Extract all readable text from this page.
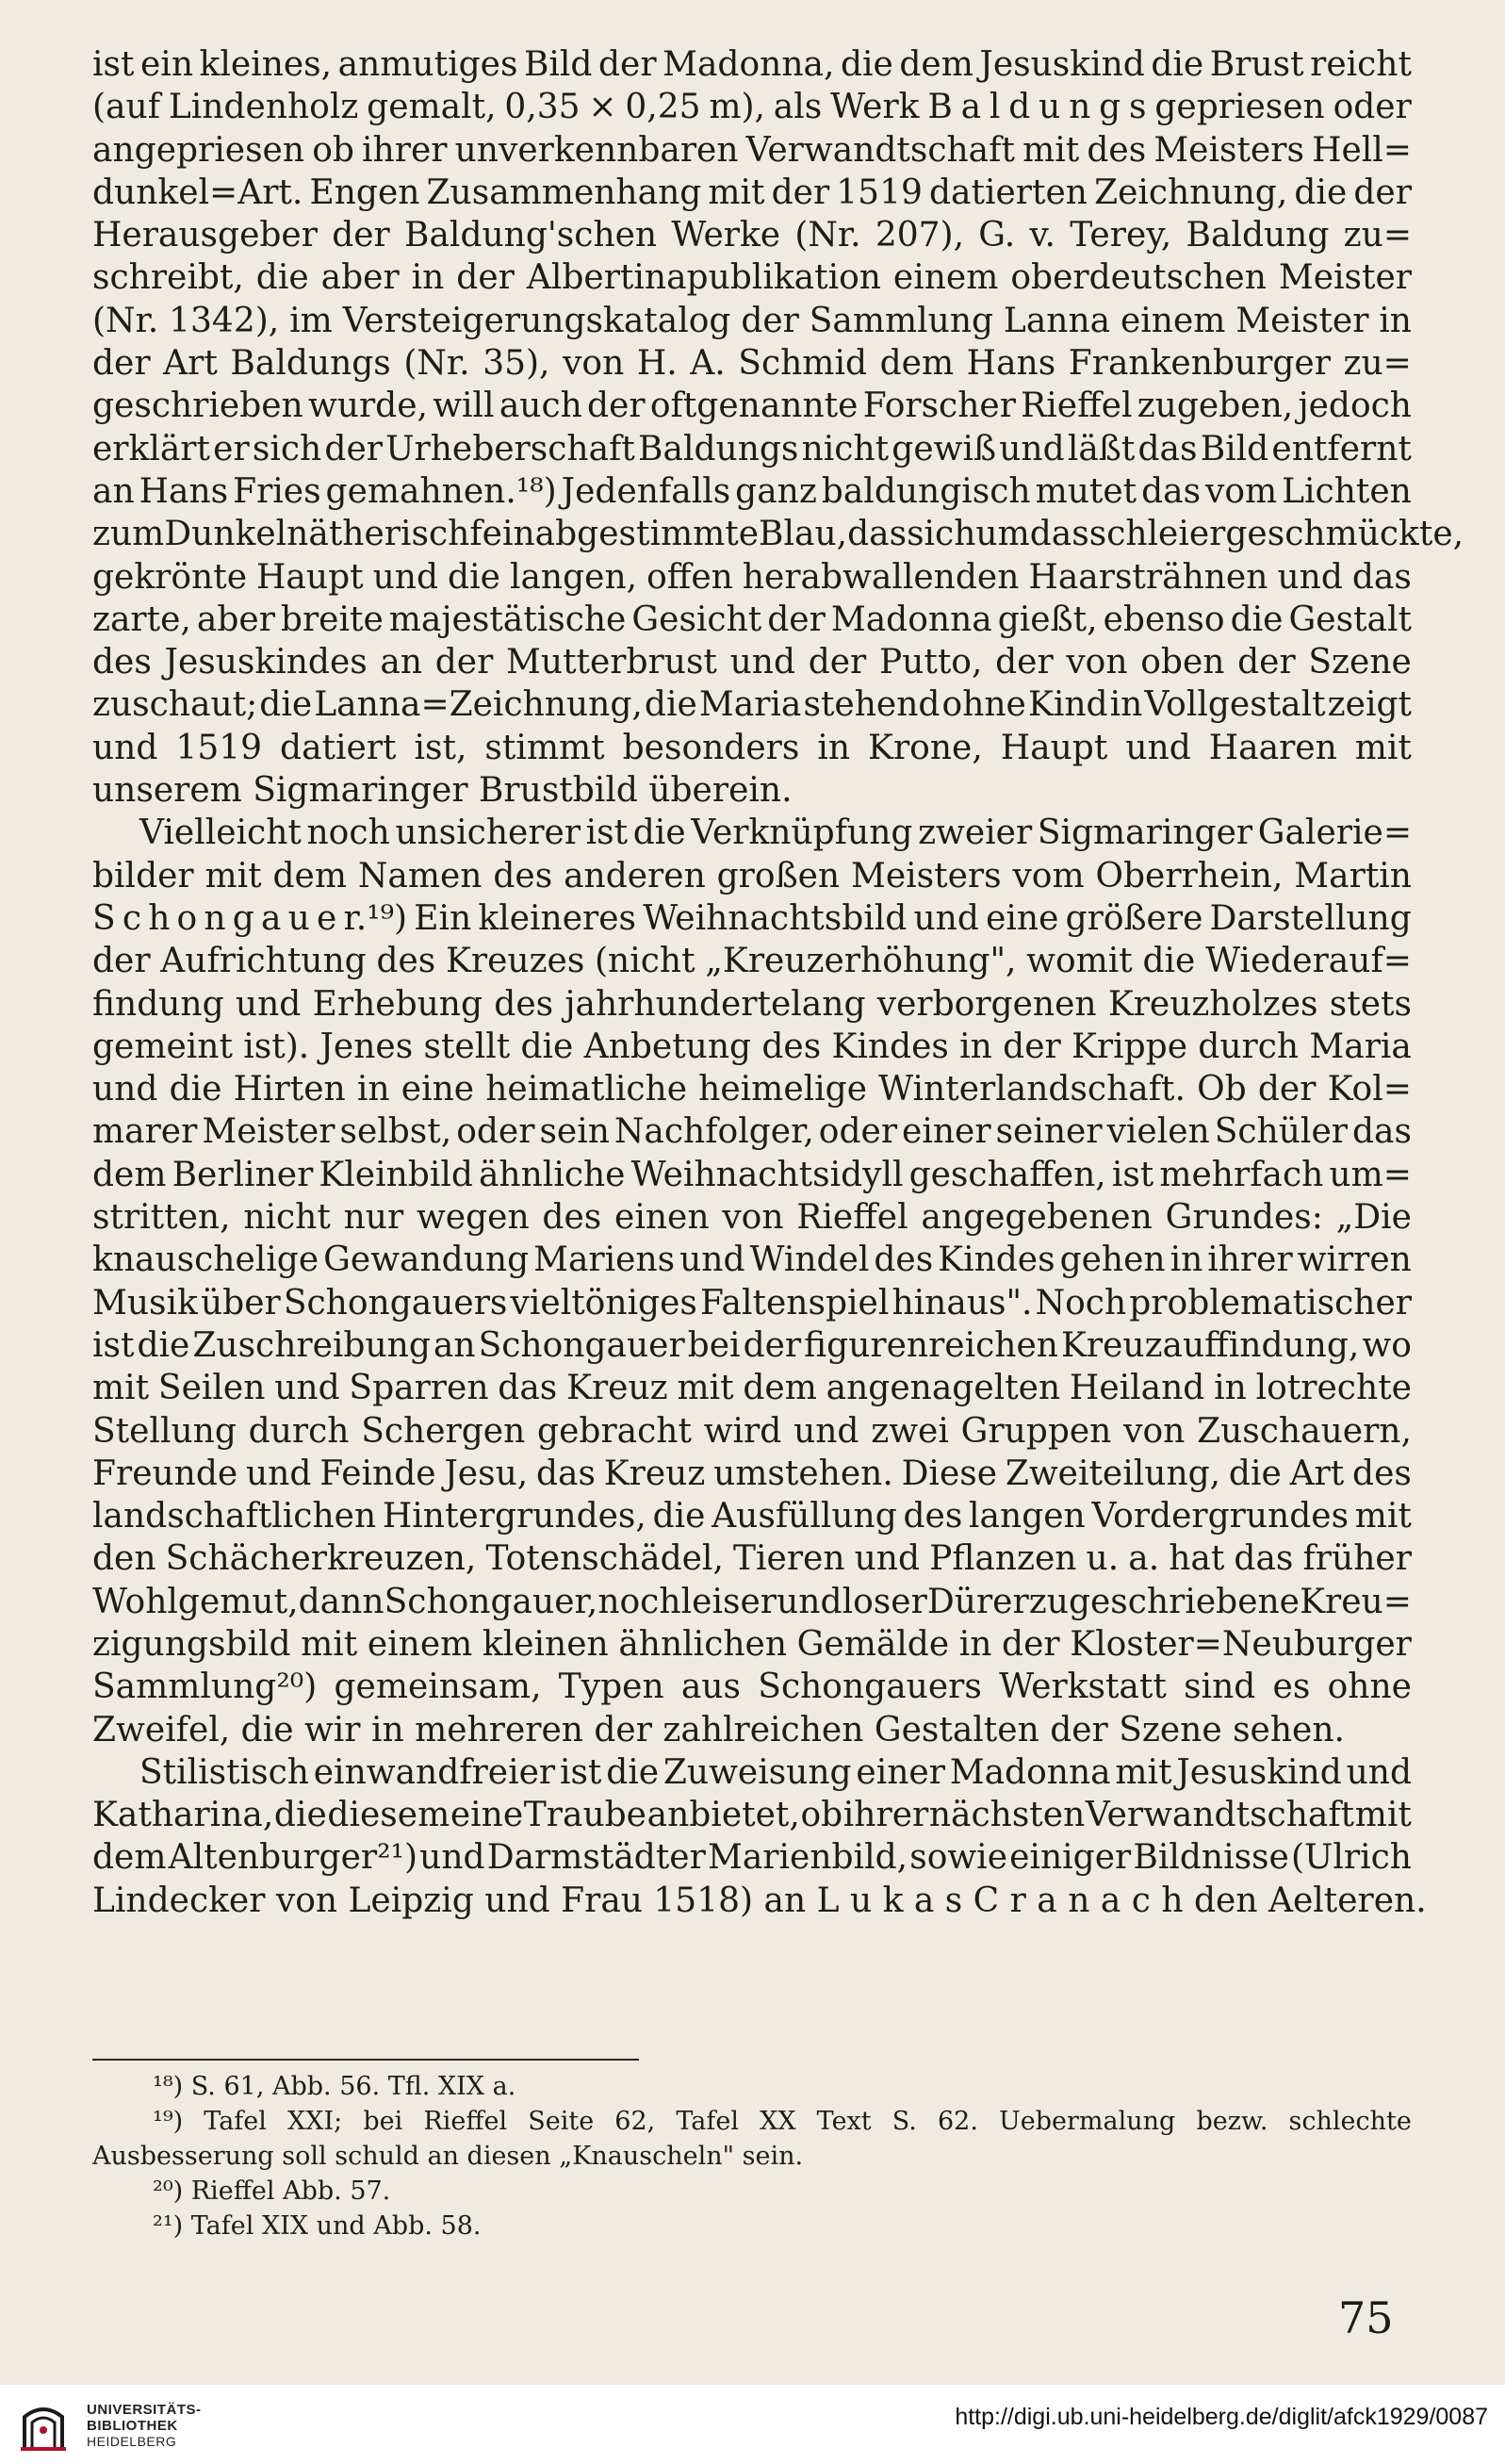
ist ein kleines, anmutiges Bild der Madonna, die dem Jesuskind die Brust reicht
(auf Lindenholz gemalt, 0,35 × 0,25 m), als Werk B a l d u n g s gepriesen oder
angepriesen ob ihrer unverkennbaren Verwandtschaft mit des Meisters Hell=
dunkel=Art. Engen Zusammenhang mit der 1519 datierten Zeichnung, die der
Herausgeber der Baldung'schen Werke (Nr. 207), G. v. Terey, Baldung zu=
schreibt, die aber in der Albertinapublikation einem oberdeutschen Meister
(Nr. 1342), im Versteigerungskatalog der Sammlung Lanna einem Meister in
der Art Baldungs (Nr. 35), von H. A. Schmid dem Hans Frankenburger zu=
geschrieben wurde, will auch der oftgenannte Forscher Rieffel zugeben, jedoch
erklärt er sich der Urheberschaft Baldungs nicht gewiß und läßt das Bild entfernt
an Hans Fries gemahnen.¹⁸) Jedenfalls ganz baldungisch mutet das vom Lichten
zum Dunkeln ätherisch fein abgestimmte Blau, das sich um das schleiergeschmückte,
gekrönte Haupt und die langen, offen herabwallenden Haarsträhnen und das
zarte, aber breite majestätische Gesicht der Madonna gießt, ebenso die Gestalt
des Jesuskindes an der Mutterbrust und der Putto, der von oben der Szene
zuschaut; die Lanna=Zeichnung, die Maria stehend ohne Kind in Vollgestalt zeigt
und 1519 datiert ist, stimmt besonders in Krone, Haupt und Haaren mit
unserem Sigmaringer Brustbild überein.
Vielleicht noch unsicherer ist die Verknüpfung zweier Sigmaringer Galerie=
bilder mit dem Namen des anderen großen Meisters vom Oberrhein, Martin
S c h o n g a u e r.¹⁹) Ein kleineres Weihnachtsbild und eine größere Darstellung
der Aufrichtung des Kreuzes (nicht „Kreuzerhöhung", womit die Wiederauf=
findung und Erhebung des jahrhundertelang verborgenen Kreuzholzes stets
gemeint ist). Jenes stellt die Anbetung des Kindes in der Krippe durch Maria
und die Hirten in eine heimatliche heimelige Winterlandschaft. Ob der Kol=
marer Meister selbst, oder sein Nachfolger, oder einer seiner vielen Schüler das
dem Berliner Kleinbild ähnliche Weihnachtsidyll geschaffen, ist mehrfach um=
stritten, nicht nur wegen des einen von Rieffel angegebenen Grundes: „Die
knauschelige Gewandung Mariens und Windel des Kindes gehen in ihrer wirren
Musik über Schongauers vieltöniges Faltenspiel hinaus". Noch problematischer
ist die Zuschreibung an Schongauer bei der figurenreichen Kreuzauffindung, wo
mit Seilen und Sparren das Kreuz mit dem angenagelten Heiland in lotrechte
Stellung durch Schergen gebracht wird und zwei Gruppen von Zuschauern,
Freunde und Feinde Jesu, das Kreuz umstehen. Diese Zweiteilung, die Art des
landschaftlichen Hintergrundes, die Ausfüllung des langen Vordergrundes mit
den Schächerkreuzen, Totenschädel, Tieren und Pflanzen u. a. hat das früher
Wohlgemut, dann Schongauer, noch leiser und loser Dürer zugeschriebene Kreu=
zigungsbild mit einem kleinen ähnlichen Gemälde in der Kloster=Neuburger
Sammlung²⁰) gemeinsam, Typen aus Schongauers Werkstatt sind es ohne
Zweifel, die wir in mehreren der zahlreichen Gestalten der Szene sehen.
Stilistisch einwandfreier ist die Zuweisung einer Madonna mit Jesuskind und
Katharina, die diesem eine Traube anbietet, ob ihrer nächsten Verwandtschaft mit
dem Altenburger²¹) und Darmstädter Marienbild, sowie einiger Bildnisse (Ulrich
Lindecker von Leipzig und Frau 1518) an L u k a s C r a n a c h den Aelteren.
¹⁸) S. 61, Abb. 56. Tfl. XIX a.
¹⁹) Tafel XXI; bei Rieffel Seite 62, Tafel XX Text S. 62. Uebermalung bezw. schlechte
Ausbesserung soll schuld an diesen „Knauscheln" sein.
²⁰) Rieffel Abb. 57.
²¹) Tafel XIX und Abb. 58.
75
UNIVERSITÄTS-
BIBLIOTHEK
HEIDELBERG
http://digi.ub.uni-heidelberg.de/diglit/afck1929/0087
